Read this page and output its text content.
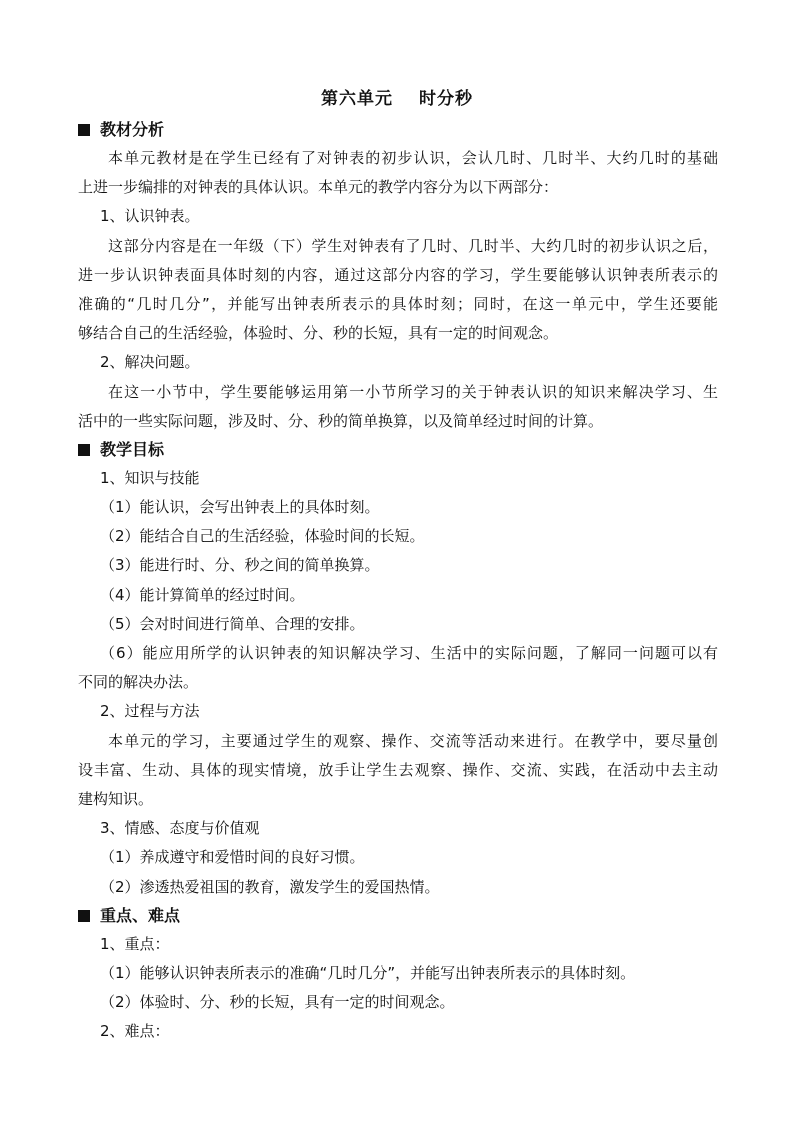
第六单元 时分秒
教材分析
本单元教材是在学生已经有了对钟表的初步认识，会认几时、几时半、大约几时的基础
上进一步编排的对钟表的具体认识。本单元的教学内容分为以下两部分：
1、认识钟表。
这部分内容是在一年级（下）学生对钟表有了几时、几时半、大约几时的初步认识之后，
进一步认识钟表面具体时刻的内容，通过这部分内容的学习，学生要能够认识钟表所表示的
准确的“几时几分”，并能写出钟表所表示的具体时刻；同时，在这一单元中，学生还要能
够结合自己的生活经验，体验时、分、秒的长短，具有一定的时间观念。
2、解决问题。
在这一小节中，学生要能够运用第一小节所学习的关于钟表认识的知识来解决学习、生
活中的一些实际问题，涉及时、分、秒的简单换算，以及简单经过时间的计算。
教学目标
1、知识与技能
（1）能认识，会写出钟表上的具体时刻。
（2）能结合自己的生活经验，体验时间的长短。
（3）能进行时、分、秒之间的简单换算。
（4）能计算简单的经过时间。
（5）会对时间进行简单、合理的安排。
（6）能应用所学的认识钟表的知识解决学习、生活中的实际问题，了解同一问题可以有
不同的解决办法。
2、过程与方法
本单元的学习，主要通过学生的观察、操作、交流等活动来进行。在教学中，要尽量创
设丰富、生动、具体的现实情境，放手让学生去观察、操作、交流、实践，在活动中去主动
建构知识。
3、情感、态度与价值观
（1）养成遵守和爱惜时间的良好习惯。
（2）渗透热爱祖国的教育，激发学生的爱国热情。
重点、难点
1、重点：
（1）能够认识钟表所表示的准确“几时几分”，并能写出钟表所表示的具体时刻。
（2）体验时、分、秒的长短，具有一定的时间观念。
2、难点：
